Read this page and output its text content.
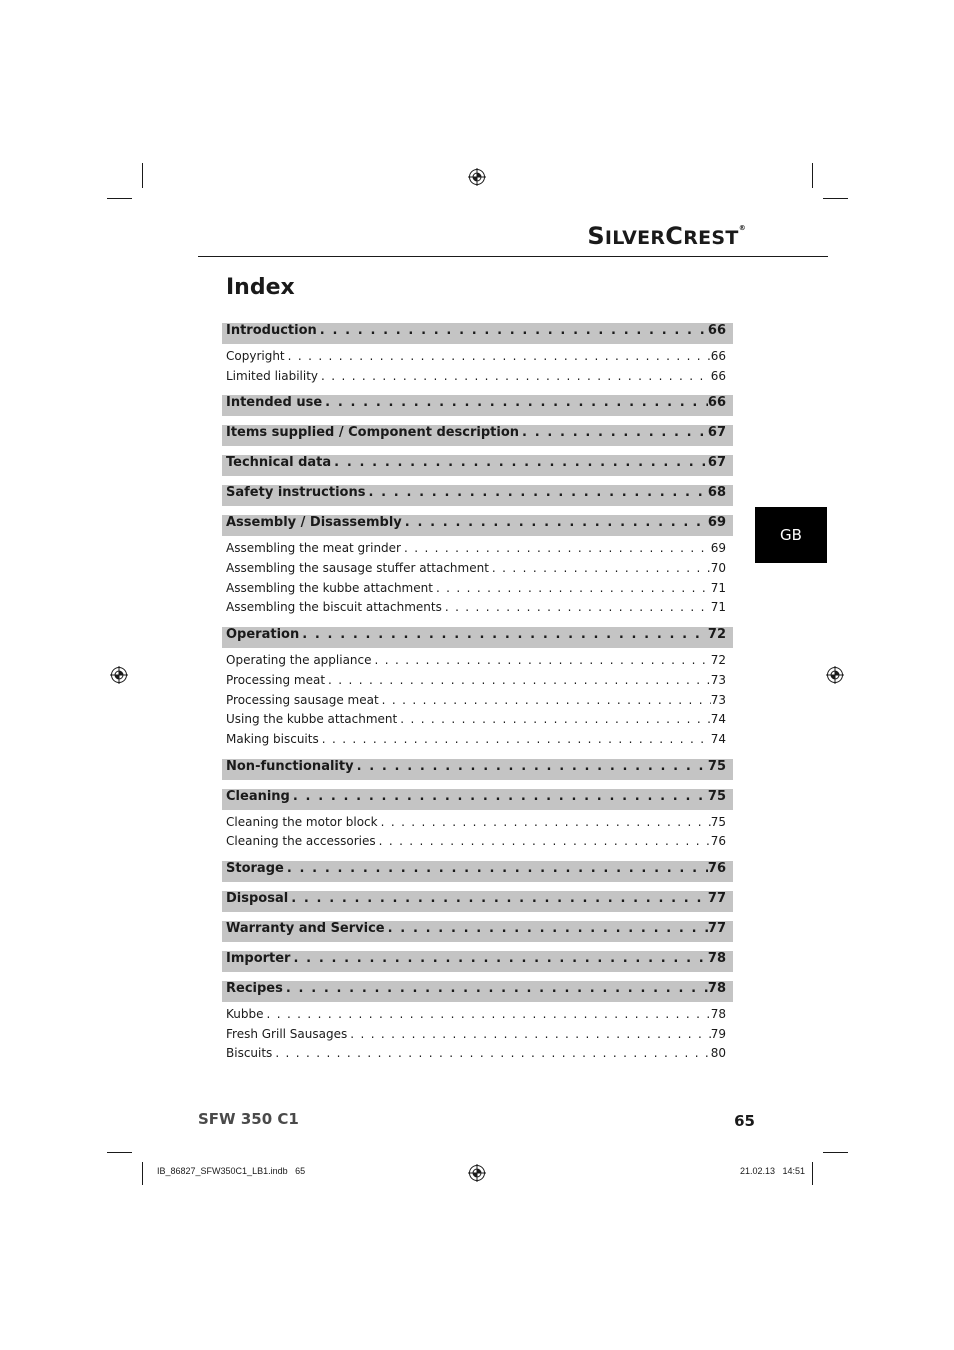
SILVERCREST®
Index
Introduction . . .	66
Copyright . . .	66
Limited liability . . .	66
Intended use . . .	66
Items supplied / Component description . . .	67
Technical data . . .	67
Safety instructions . . .	68
Assembly / Disassembly . . .	69
Assembling the meat grinder . . .	69
Assembling the sausage stuffer attachment . . .	70
Assembling the kubbe attachment . . .	71
Assembling the biscuit attachments . . .	71
Operation . . .	72
Operating the appliance . . .	72
Processing meat . . .	73
Processing sausage meat . . .	73
Using the kubbe attachment . . .	74
Making biscuits . . .	74
Non-functionality . . .	75
Cleaning . . .	75
Cleaning the motor block . . .	75
Cleaning the accessories . . .	76
Storage . . .	76
Disposal . . .	77
Warranty and Service . . .	77
Importer . . .	78
Recipes . . .	78
Kubbe . . .	78
Fresh Grill Sausages . . .	79
Biscuits . . .	80
GB
SFW 350 C1	65
IB_86827_SFW350C1_LB1.indb   65	21.02.13   14:51
